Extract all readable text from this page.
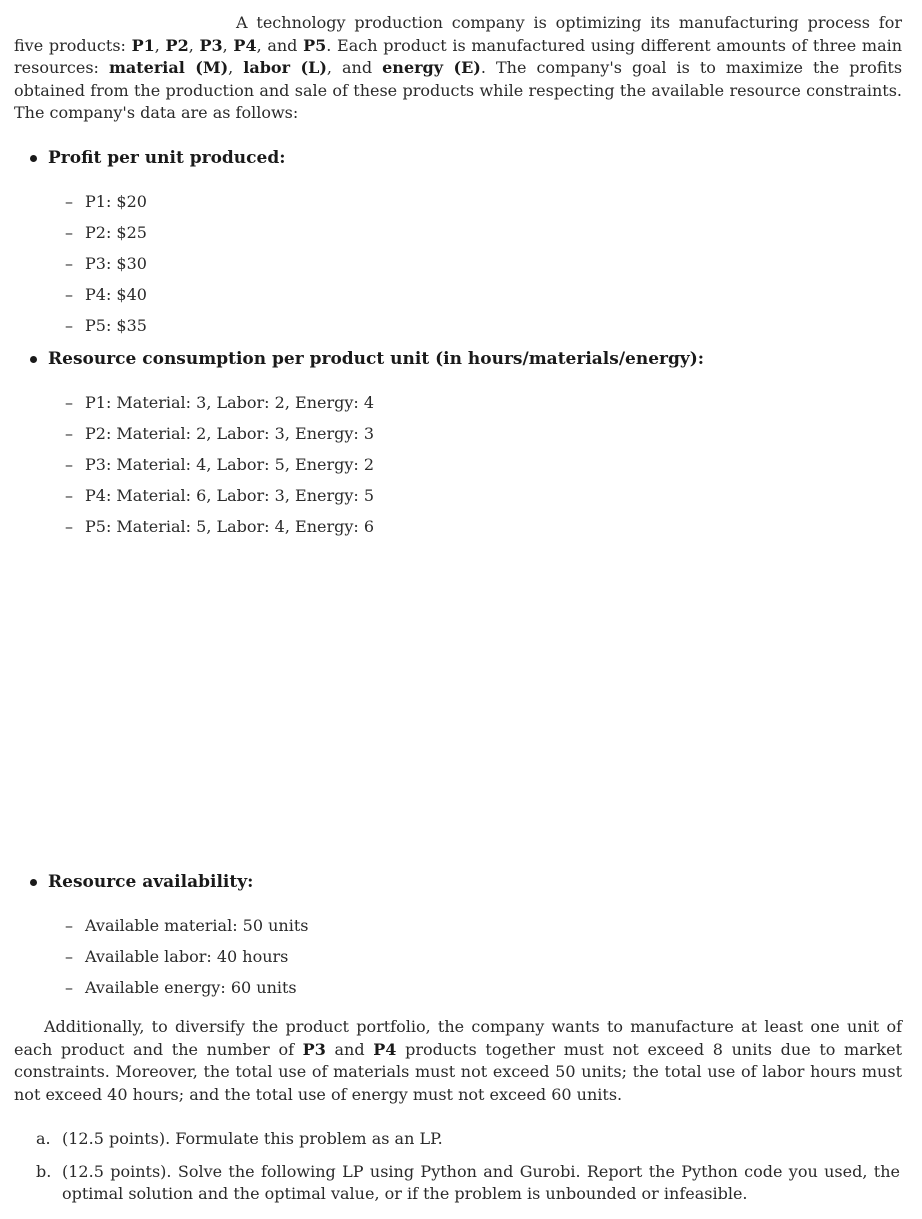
A technology production company is optimizing its manufacturing process for five products: P1, P2, P3, P4, and P5. Each product is manufactured using different amounts of three main resources: material (M), labor (L), and energy (E). The company's goal is to maximize the profits obtained from the production and sale of these products while respecting the available resource constraints. The company's data are as follows:

Profit per unit produced:

– P1: $20
– P2: $25
– P3: $30
– P4: $40
– P5: $35

Resource consumption per product unit (in hours/materials/energy):

– P1: Material: 3, Labor: 2, Energy: 4
– P2: Material: 2, Labor: 3, Energy: 3
– P3: Material: 4, Labor: 5, Energy: 2
– P4: Material: 6, Labor: 3, Energy: 5
– P5: Material: 5, Labor: 4, Energy: 6

Resource availability:

– Available material: 50 units
– Available labor: 40 hours
– Available energy: 60 units

Additionally, to diversify the product portfolio, the company wants to manufacture at least one unit of each product and the number of P3 and P4 products together must not exceed 8 units due to market constraints. Moreover, the total use of materials must not exceed 50 units; the total use of labor hours must not exceed 40 hours; and the total use of energy must not exceed 60 units.

a. (12.5 points). Formulate this problem as an LP.
b. (12.5 points). Solve the following LP using Python and Gurobi. Report the Python code you used, the optimal solution and the optimal value, or if the problem is unbounded or infeasible.
